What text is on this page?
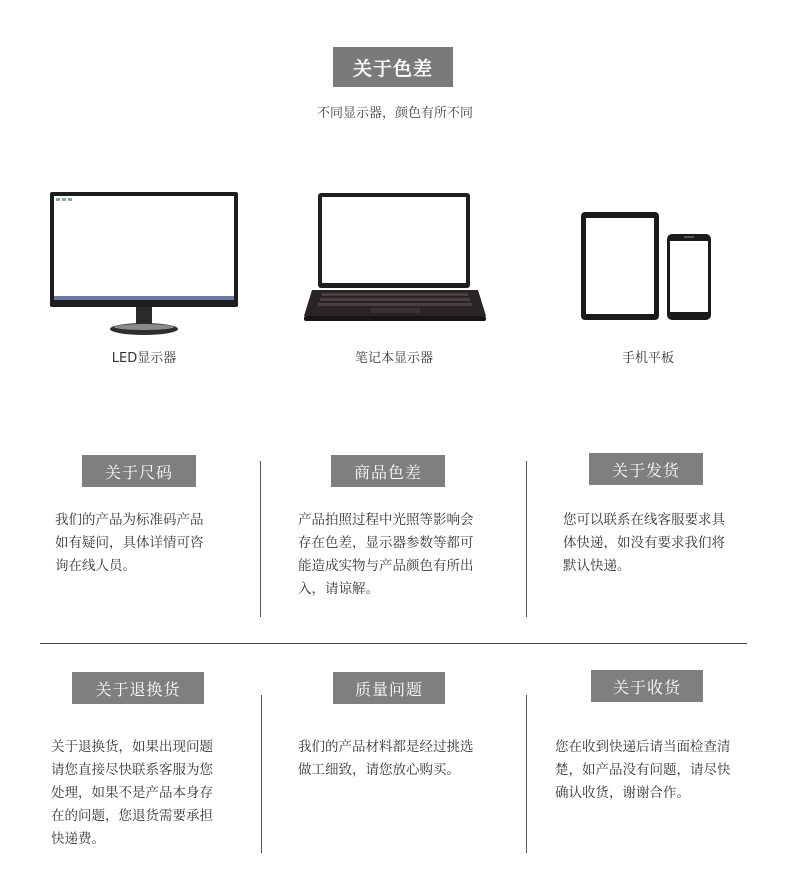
关于色差
不同显示器，颜色有所不同
LED显示器	笔记本显示器	手机平板
关于尺码	商品色差	关于发货
我们的产品为标准码产品
如有疑问，具体详情可咨
询在线人员。
产品拍照过程中光照等影响会
存在色差，显示器参数等都可
能造成实物与产品颜色有所出
入，请谅解。
您可以联系在线客服要求具
体快递，如没有要求我们将
默认快递。
关于退换货	质量问题	关于收货
关于退换货，如果出现问题
请您直接尽快联系客服为您
处理，如果不是产品本身存
在的问题，您退货需要承担
快递费。
我们的产品材料都是经过挑选
做工细致，请您放心购买。
您在收到快递后请当面检查清
楚，如产品没有问题，请尽快
确认收货，谢谢合作。
